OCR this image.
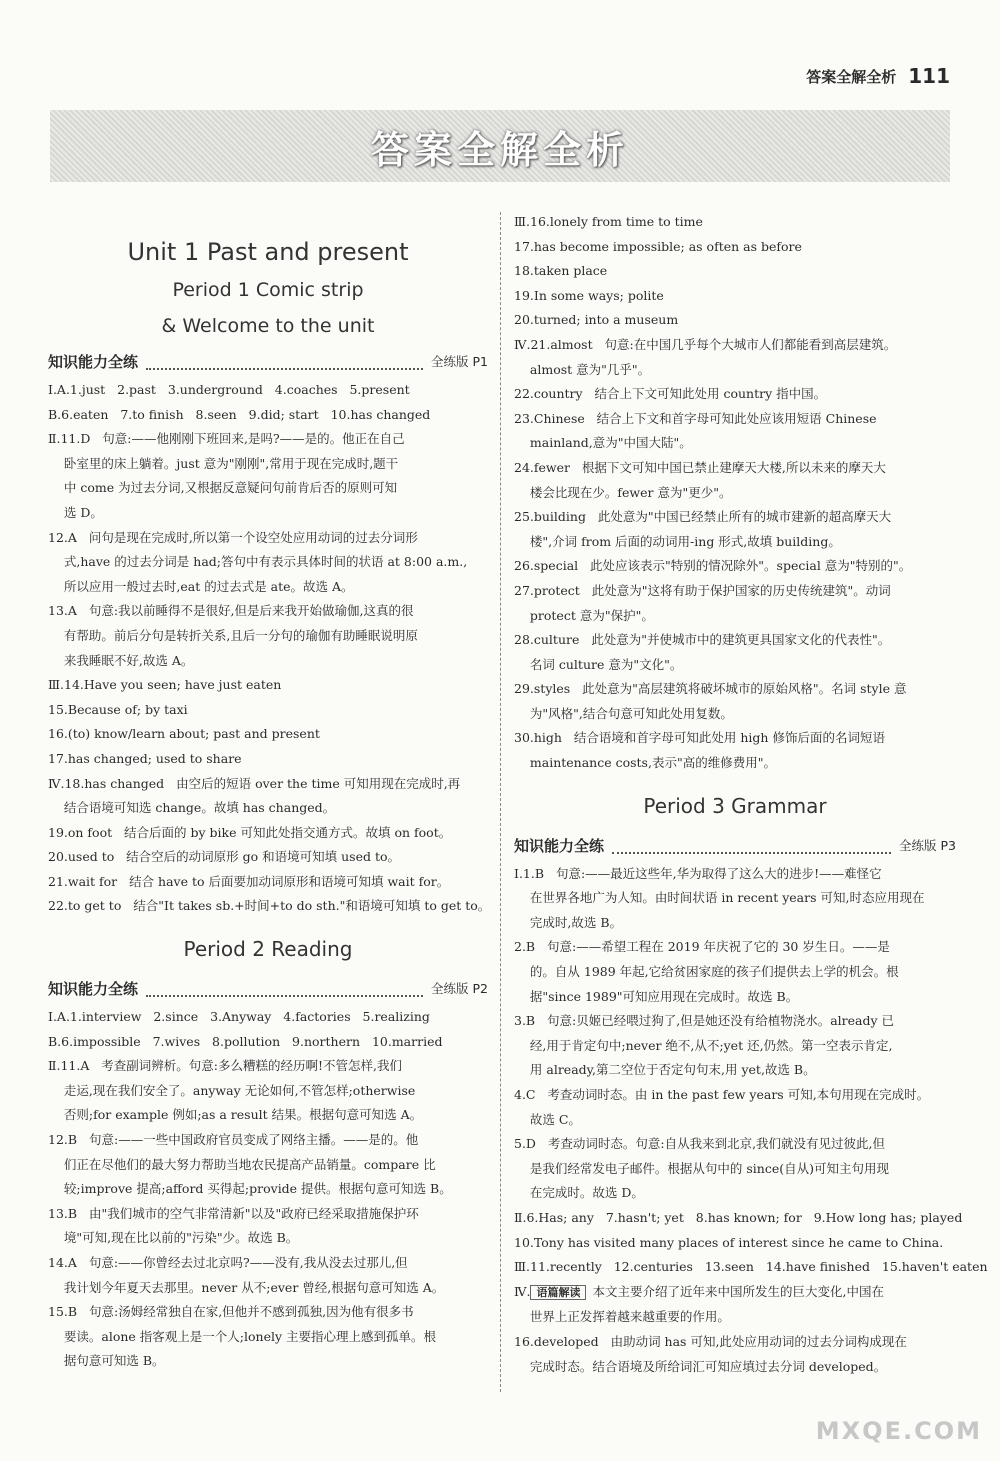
答案全解全析 111
答案全解全析
Unit 1 Past and present
Period 1 Comic strip
& Welcome to the unit
知识能力全练	全练版 P1
Ⅰ.A.1.just   2.past   3.underground   4.coaches   5.present
B.6.eaten   7.to finish   8.seen   9.did; start   10.has changed
Ⅱ.11.D   句意:——他刚刚下班回来,是吗?——是的。他正在自己
卧室里的床上躺着。just 意为"刚刚",常用于现在完成时,题干
中 come 为过去分词,又根据反意疑问句前肯后否的原则可知
选 D。
12.A   问句是现在完成时,所以第一个设空处应用动词的过去分词形
式,have 的过去分词是 had;答句中有表示具体时间的状语 at 8:00 a.m.,
所以应用一般过去时,eat 的过去式是 ate。故选 A。
13.A   句意:我以前睡得不是很好,但是后来我开始做瑜伽,这真的很
有帮助。前后分句是转折关系,且后一分句的瑜伽有助睡眠说明原
来我睡眠不好,故选 A。
Ⅲ.14.Have you seen; have just eaten
15.Because of; by taxi
16.(to) know/learn about; past and present
17.has changed; used to share
Ⅳ.18.has changed   由空后的短语 over the time 可知用现在完成时,再
结合语境可知选 change。故填 has changed。
19.on foot   结合后面的 by bike 可知此处指交通方式。故填 on foot。
20.used to   结合空后的动词原形 go 和语境可知填 used to。
21.wait for   结合 have to 后面要加动词原形和语境可知填 wait for。
22.to get to   结合"It takes sb.+时间+to do sth."和语境可知填 to get to。
Period 2 Reading
知识能力全练	全练版 P2
Ⅰ.A.1.interview   2.since   3.Anyway   4.factories   5.realizing
B.6.impossible   7.wives   8.pollution   9.northern   10.married
Ⅱ.11.A   考查副词辨析。句意:多么糟糕的经历啊!不管怎样,我们
走运,现在我们安全了。anyway 无论如何,不管怎样;otherwise
否则;for example 例如;as a result 结果。根据句意可知选 A。
12.B   句意:——一些中国政府官员变成了网络主播。——是的。他
们正在尽他们的最大努力帮助当地农民提高产品销量。compare 比
较;improve 提高;afford 买得起;provide 提供。根据句意可知选 B。
13.B   由"我们城市的空气非常清新"以及"政府已经采取措施保护环
境"可知,现在比以前的"污染"少。故选 B。
14.A   句意:——你曾经去过北京吗?——没有,我从没去过那儿,但
我计划今年夏天去那里。never 从不;ever 曾经,根据句意可知选 A。
15.B   句意:汤姆经常独自在家,但他并不感到孤独,因为他有很多书
要读。alone 指客观上是一个人;lonely 主要指心理上感到孤单。根
据句意可知选 B。
Ⅲ.16.lonely from time to time
17.has become impossible; as often as before
18.taken place
19.In some ways; polite
20.turned; into a museum
Ⅳ.21.almost   句意:在中国几乎每个大城市人们都能看到高层建筑。
almost 意为"几乎"。
22.country   结合上下文可知此处用 country 指中国。
23.Chinese   结合上下文和首字母可知此处应该用短语 Chinese
mainland,意为"中国大陆"。
24.fewer   根据下文可知中国已禁止建摩天大楼,所以未来的摩天大
楼会比现在少。fewer 意为"更少"。
25.building   此处意为"中国已经禁止所有的城市建新的超高摩天大
楼",介词 from 后面的动词用-ing 形式,故填 building。
26.special   此处应该表示"特别的情况除外"。special 意为"特别的"。
27.protect   此处意为"这将有助于保护国家的历史传统建筑"。动词
protect 意为"保护"。
28.culture   此处意为"并使城市中的建筑更具国家文化的代表性"。
名词 culture 意为"文化"。
29.styles   此处意为"高层建筑将破坏城市的原始风格"。名词 style 意
为"风格",结合句意可知此处用复数。
30.high   结合语境和首字母可知此处用 high 修饰后面的名词短语
maintenance costs,表示"高的维修费用"。
Period 3 Grammar
知识能力全练	全练版 P3
Ⅰ.1.B   句意:——最近这些年,华为取得了这么大的进步!——难怪它
在世界各地广为人知。由时间状语 in recent years 可知,时态应用现在
完成时,故选 B。
2.B   句意:——希望工程在 2019 年庆祝了它的 30 岁生日。——是
的。自从 1989 年起,它给贫困家庭的孩子们提供去上学的机会。根
据"since 1989"可知应用现在完成时。故选 B。
3.B   句意:贝姬已经喂过狗了,但是她还没有给植物浇水。already 已
经,用于肯定句中;never 绝不,从不;yet 还,仍然。第一空表示肯定,
用 already,第二空位于否定句句末,用 yet,故选 B。
4.C   考查动词时态。由 in the past few years 可知,本句用现在完成时。
故选 C。
5.D   考查动词时态。句意:自从我来到北京,我们就没有见过彼此,但
是我们经常发电子邮件。根据从句中的 since(自从)可知主句用现
在完成时。故选 D。
Ⅱ.6.Has; any   7.hasn't; yet   8.has known; for   9.How long has; played
10.Tony has visited many places of interest since he came to China.
Ⅲ.11.recently   12.centuries   13.seen   14.have finished   15.haven't eaten
Ⅳ. 语篇解读 本文主要介绍了近年来中国所发生的巨大变化,中国在
世界上正发挥着越来越重要的作用。
16.developed   由助动词 has 可知,此处应用动词的过去分词构成现在
完成时态。结合语境及所给词汇可知应填过去分词 developed。
MXQE.COM
